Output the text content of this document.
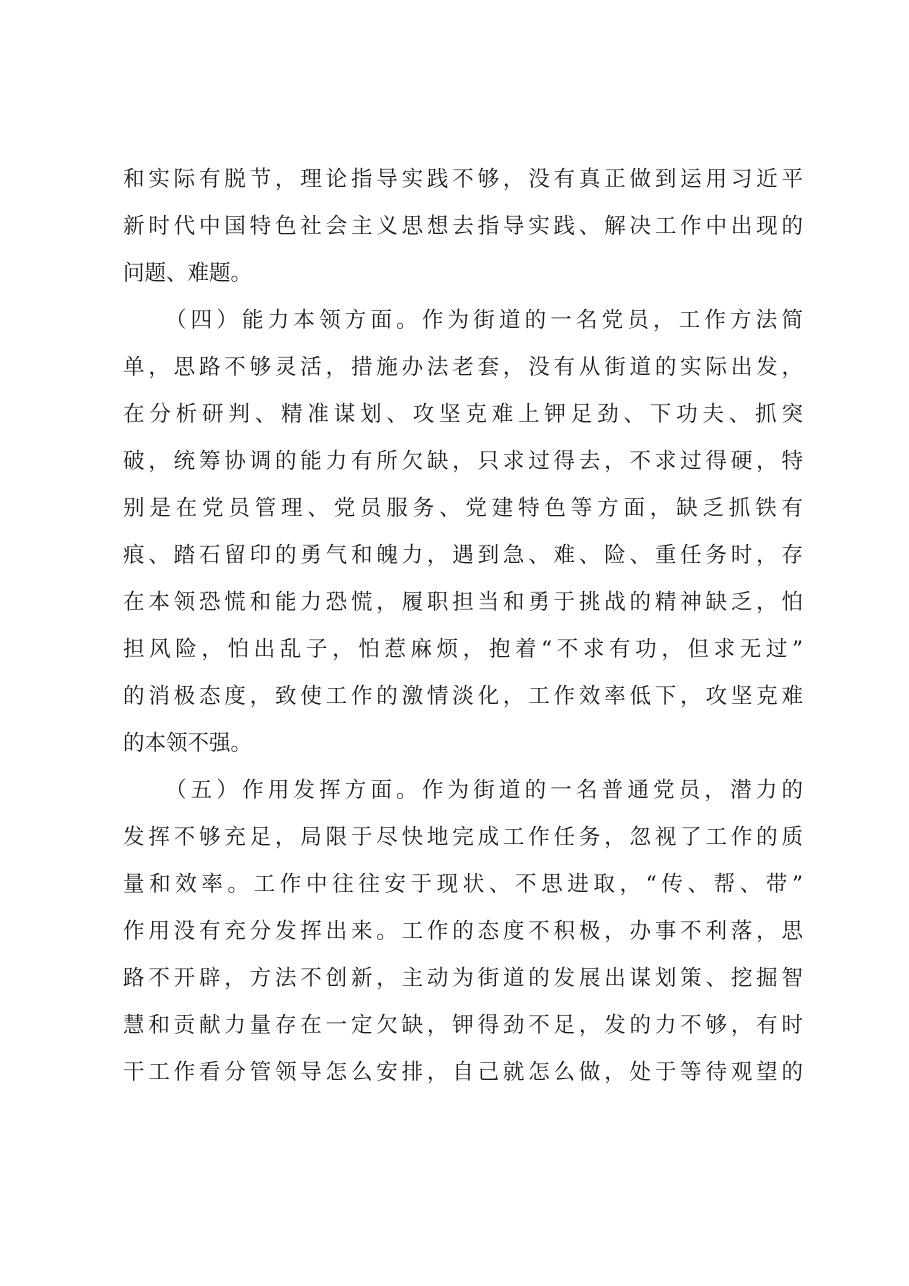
和实际有脱节，理论指导实践不够，没有真正做到运用习近平
新时代中国特色社会主义思想去指导实践、解决工作中出现的
问题、难题。
（四）能力本领方面。作为街道的一名党员，工作方法简
单，思路不够灵活，措施办法老套，没有从街道的实际出发，
在分析研判、精准谋划、攻坚克难上钾足劲、下功夫、抓突
破，统筹协调的能力有所欠缺，只求过得去，不求过得硬，特
别是在党员管理、党员服务、党建特色等方面，缺乏抓铁有
痕、踏石留印的勇气和魄力，遇到急、难、险、重任务时，存
在本领恐慌和能力恐慌，履职担当和勇于挑战的精神缺乏，怕
担风险，怕出乱子，怕惹麻烦，抱着“不求有功，但求无过”
的消极态度，致使工作的激情淡化，工作效率低下，攻坚克难
的本领不强。
（五）作用发挥方面。作为街道的一名普通党员，潜力的
发挥不够充足，局限于尽快地完成工作任务，忽视了工作的质
量和效率。工作中往往安于现状、不思进取，“传、帮、带”
作用没有充分发挥出来。工作的态度不积极，办事不利落，思
路不开辟，方法不创新，主动为街道的发展出谋划策、挖掘智
慧和贡献力量存在一定欠缺，钾得劲不足，发的力不够，有时
干工作看分管领导怎么安排，自己就怎么做，处于等待观望的
